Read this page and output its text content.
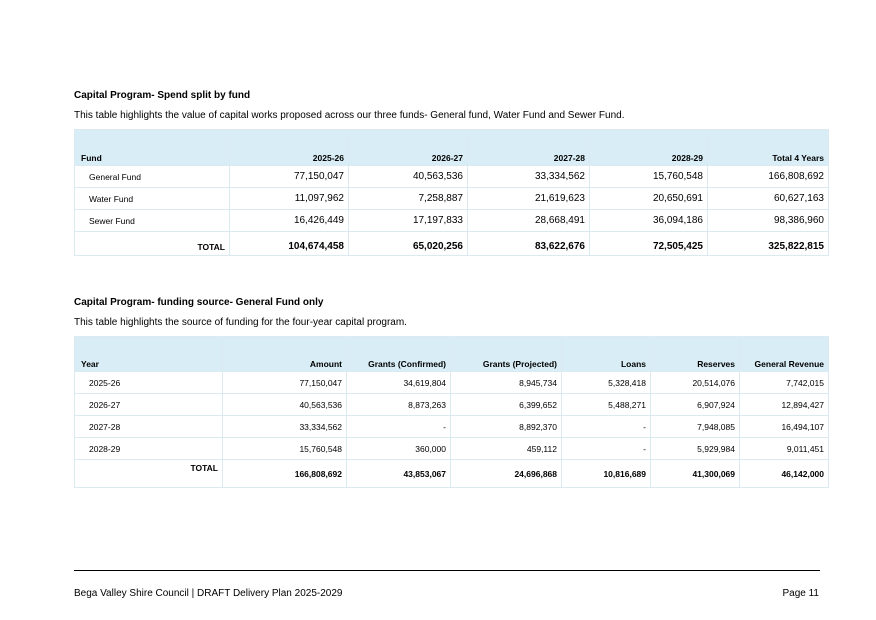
Capital Program- Spend split by fund
This table highlights the value of capital works proposed across our three funds- General fund, Water Fund and Sewer Fund.
Fund	2025-26	2026-27	2027-28	2028-29	Total 4 Years
General Fund	77,150,047	40,563,536	33,334,562	15,760,548	166,808,692
Water Fund	11,097,962	7,258,887	21,619,623	20,650,691	60,627,163
Sewer Fund	16,426,449	17,197,833	28,668,491	36,094,186	98,386,960
TOTAL	104,674,458	65,020,256	83,622,676	72,505,425	325,822,815
Capital Program- funding source- General Fund only
This table highlights the source of funding for the four-year capital program.
Year	Amount	Grants (Confirmed)	Grants (Projected)	Loans	Reserves	General Revenue
2025-26	77,150,047	34,619,804	8,945,734	5,328,418	20,514,076	7,742,015
2026-27	40,563,536	8,873,263	6,399,652	5,488,271	6,907,924	12,894,427
2027-28	33,334,562	-	8,892,370	-	7,948,085	16,494,107
2028-29	15,760,548	360,000	459,112	-	5,929,984	9,011,451
TOTAL	166,808,692	43,853,067	24,696,868	10,816,689	41,300,069	46,142,000
Bega Valley Shire Council | DRAFT Delivery Plan 2025-2029	Page 11
